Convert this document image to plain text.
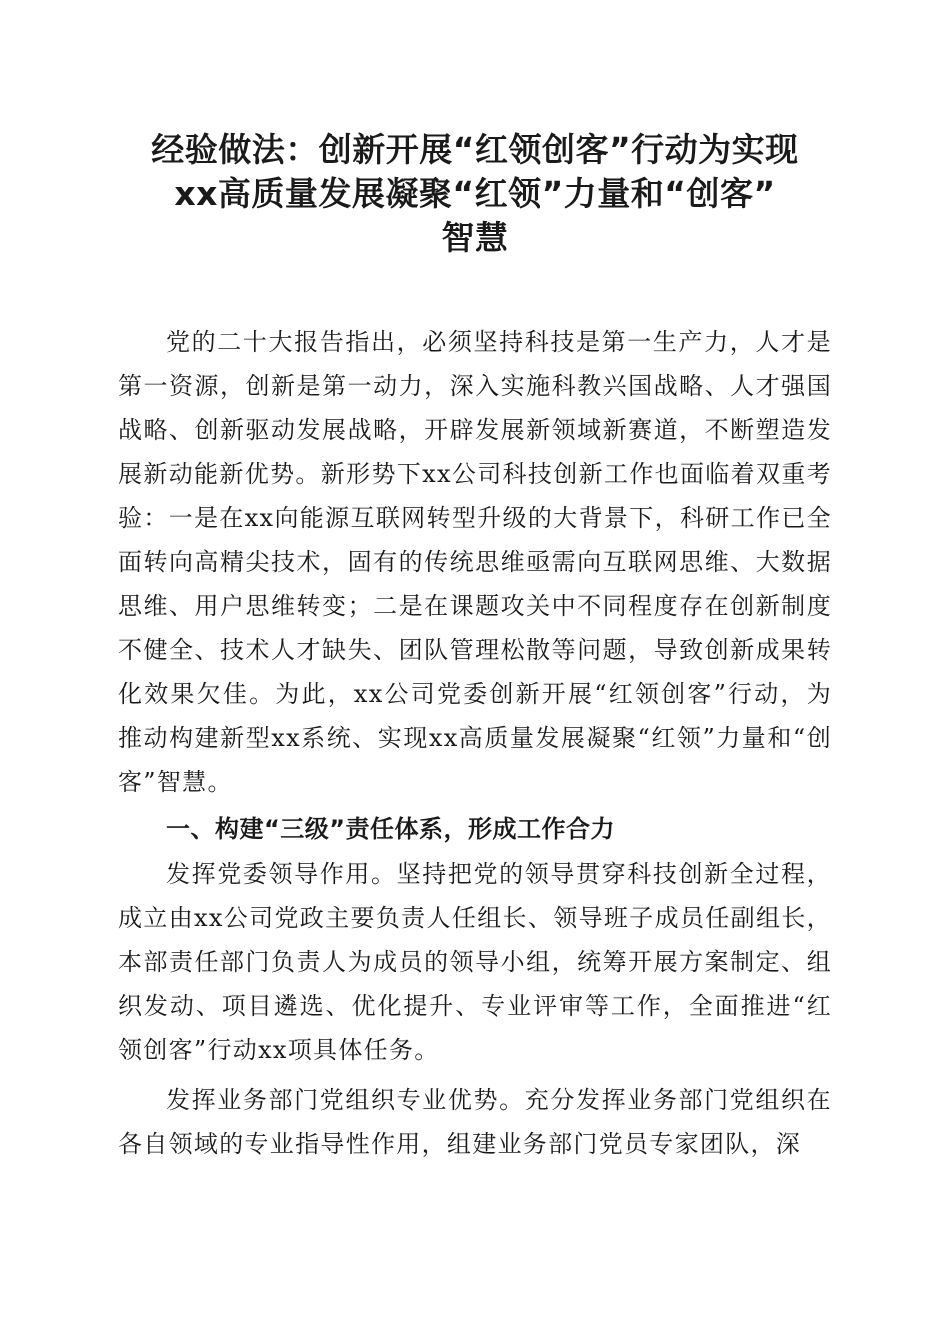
经验做法：创新开展“红领创客”行动为实现
xx高质量发展凝聚“红领”力量和“创客”
智慧

党的二十大报告指出，必须坚持科技是第一生产力，人才是第一资源，创新是第一动力，深入实施科教兴国战略、人才强国战略、创新驱动发展战略，开辟发展新领域新赛道，不断塑造发展新动能新优势。新形势下xx公司科技创新工作也面临着双重考验：一是在xx向能源互联网转型升级的大背景下，科研工作已全面转向高精尖技术，固有的传统思维亟需向互联网思维、大数据思维、用户思维转变；二是在课题攻关中不同程度存在创新制度不健全、技术人才缺失、团队管理松散等问题，导致创新成果转化效果欠佳。为此，xx公司党委创新开展“红领创客”行动，为推动构建新型xx系统、实现xx高质量发展凝聚“红领”力量和“创客”智慧。

一、构建“三级”责任体系，形成工作合力

发挥党委领导作用。坚持把党的领导贯穿科技创新全过程，成立由xx公司党政主要负责人任组长、领导班子成员任副组长，本部责任部门负责人为成员的领导小组，统筹开展方案制定、组织发动、项目遴选、优化提升、专业评审等工作，全面推进“红领创客”行动xx项具体任务。

发挥业务部门党组织专业优势。充分发挥业务部门党组织在各自领域的专业指导性作用，组建业务部门党员专家团队，深
